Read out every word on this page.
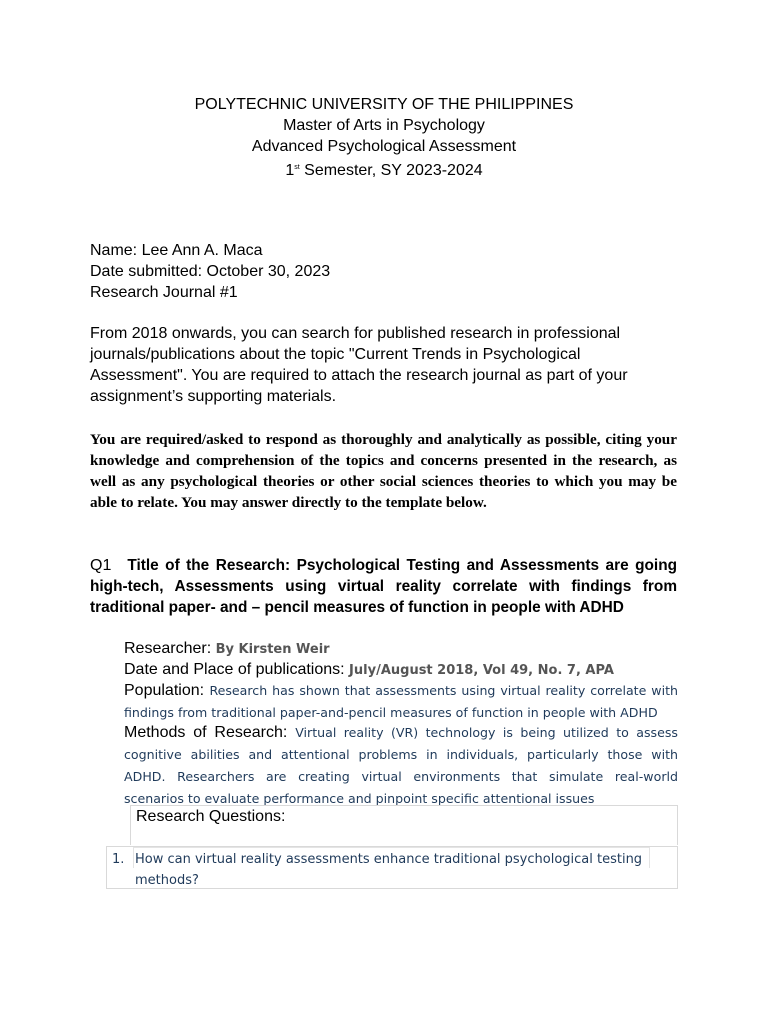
POLYTECHNIC UNIVERSITY OF THE PHILIPPINES
Master of Arts in Psychology
Advanced Psychological Assessment
1st Semester, SY 2023-2024
Name: Lee Ann A. Maca
Date submitted: October 30, 2023
Research Journal #1
From 2018 onwards, you can search for published research in professional journals/publications about the topic "Current Trends in Psychological Assessment". You are required to attach the research journal as part of your assignment’s supporting materials.
You are required/asked to respond as thoroughly and analytically as possible, citing your knowledge and comprehension of the topics and concerns presented in the research, as well as any psychological theories or other social sciences theories to which you may be able to relate. You may answer directly to the template below.
Q1 Title of the Research: Psychological Testing and Assessments are going high-tech, Assessments using virtual reality correlate with findings from traditional paper- and – pencil measures of function in people with ADHD
Researcher: By Kirsten Weir
Date and Place of publications: July/August 2018, Vol 49, No. 7, APA
Population: Research has shown that assessments using virtual reality correlate with findings from traditional paper-and-pencil measures of function in people with ADHD
Methods of Research: Virtual reality (VR) technology is being utilized to assess cognitive abilities and attentional problems in individuals, particularly those with ADHD. Researchers are creating virtual environments that simulate real-world scenarios to evaluate performance and pinpoint specific attentional issues
Research Questions:
1. How can virtual reality assessments enhance traditional psychological testing methods?
